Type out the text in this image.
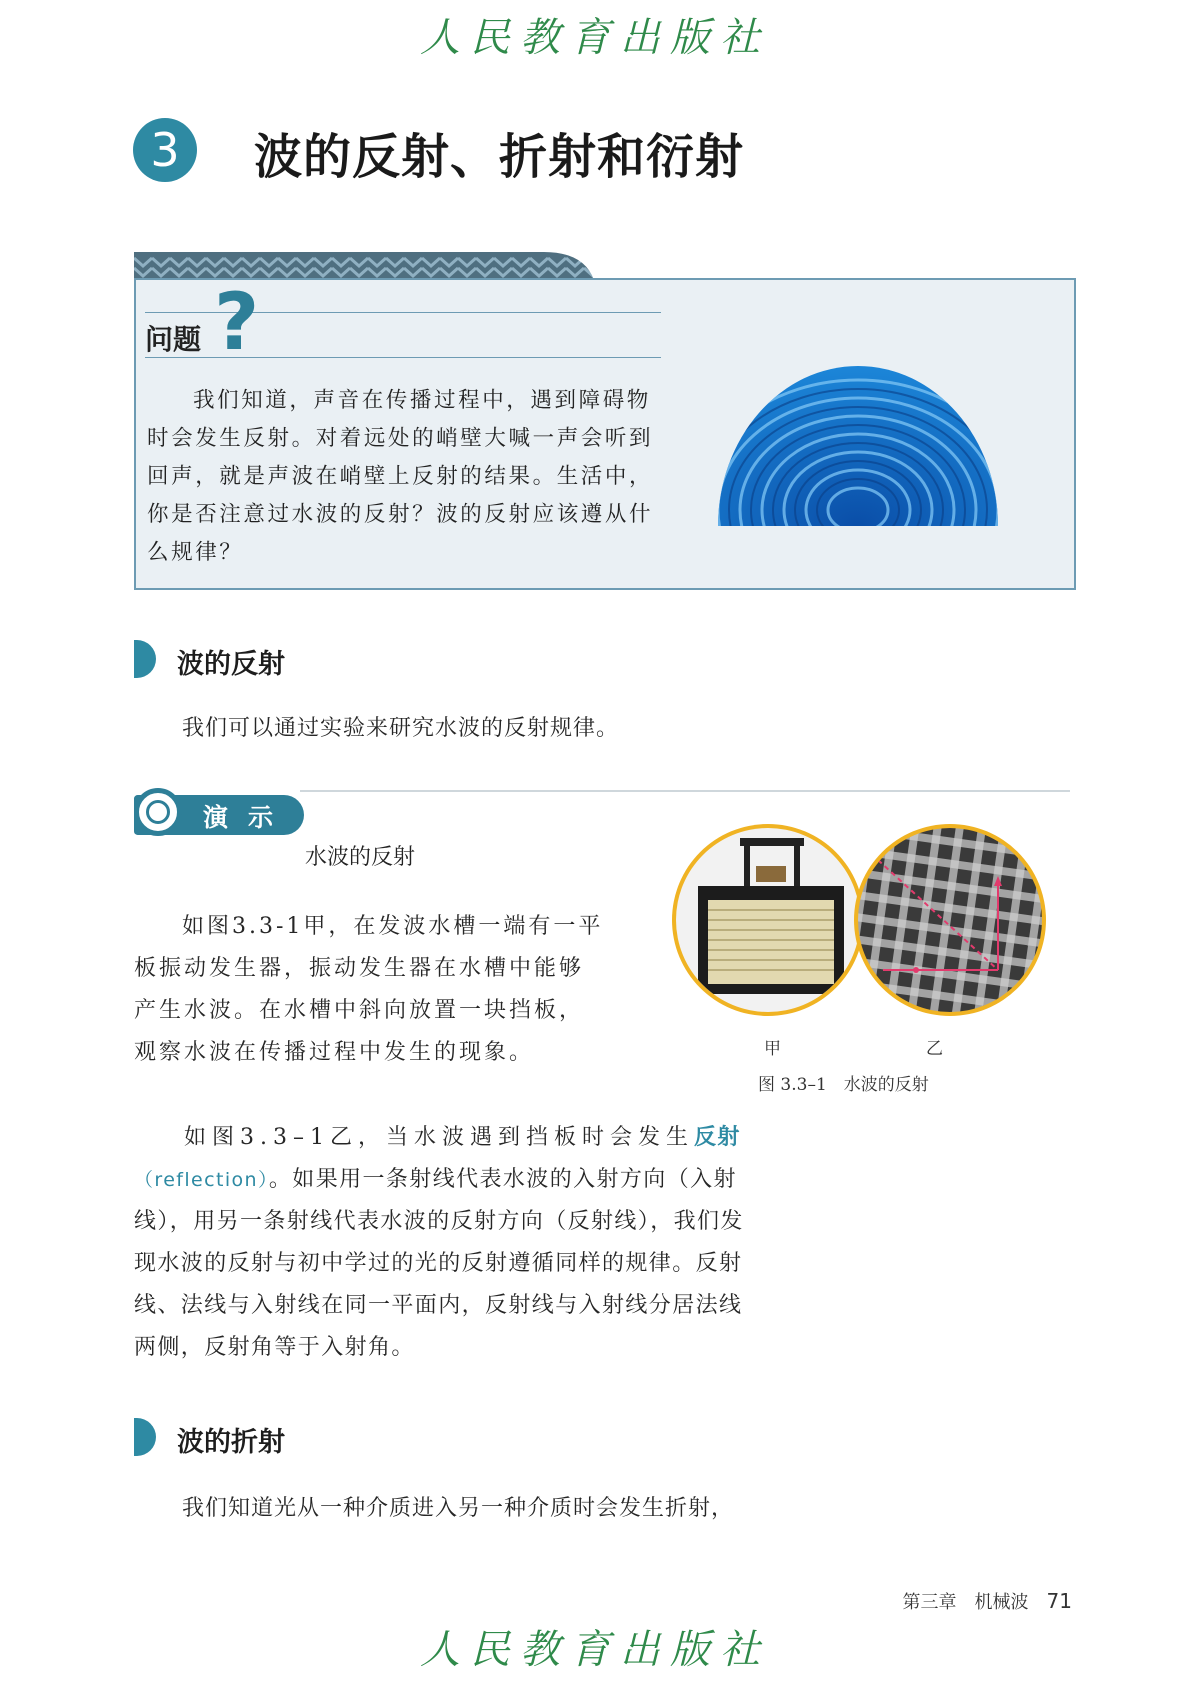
人民教育出版社
3	波的反射、折射和衍射
问题 ?
我们知道，声音在传播过程中，遇到障碍物时会发生反射。对着远处的峭壁大喊一声会听到回声，就是声波在峭壁上反射的结果。生活中，你是否注意过水波的反射？波的反射应该遵从什么规律？
波的反射
我们可以通过实验来研究水波的反射规律。
演示
水波的反射
如图3.3-1甲，在发波水槽一端有一平板振动发生器，振动发生器在水槽中能够产生水波。在水槽中斜向放置一块挡板，观察水波在传播过程中发生的现象。	甲	乙
图 3.3–1　水波的反射
如图3.3–1乙，当水波遇到挡板时会发生反射（reflection）。如果用一条射线代表水波的入射方向（入射线），用另一条射线代表水波的反射方向（反射线），我们发现水波的反射与初中学过的光的反射遵循同样的规律。反射线、法线与入射线在同一平面内，反射线与入射线分居法线两侧，反射角等于入射角。
波的折射
我们知道光从一种介质进入另一种介质时会发生折射，
第三章　机械波 71
人民教育出版社
